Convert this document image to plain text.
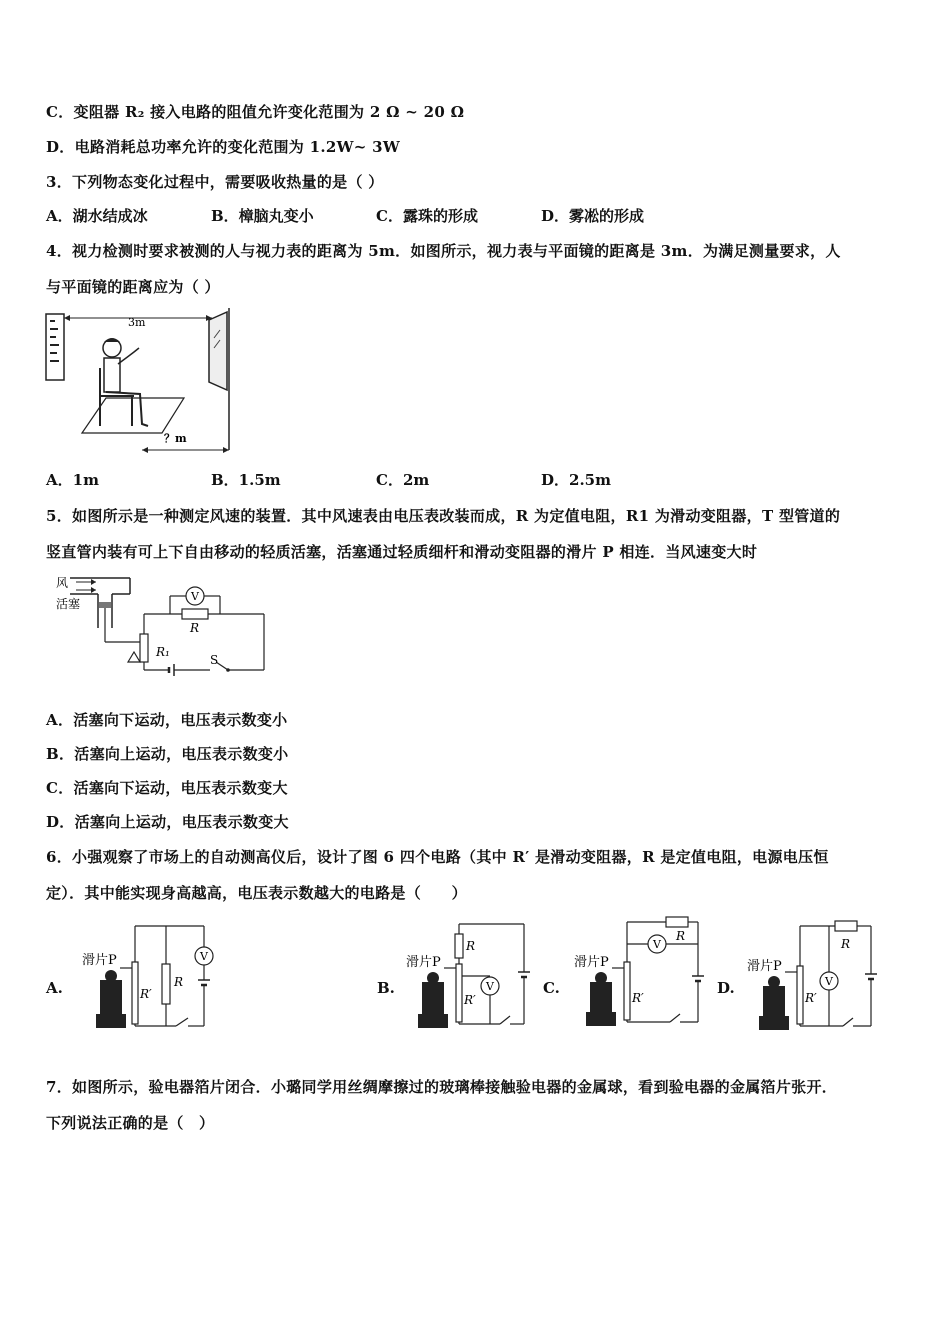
C．变阻器 R₂ 接入电路的阻值允许变化范围为 2 Ω ~ 20 Ω
D．电路消耗总功率允许的变化范围为 1.2W~ 3W
3．下列物态变化过程中，需要吸收热量的是（ ）
A．湖水结成冰	B．樟脑丸变小	C．露珠的形成	D．雾凇的形成
4．视力检测时要求被测的人与视力表的距离为 5m．如图所示，视力表与平面镜的距离是 3m．为满足测量要求，人
与平面镜的距离应为（ ）
3m
？m
A．1m	B．1.5m	C．2m	D．2.5m
5．如图所示是一种测定风速的装置．其中风速表由电压表改装而成，R 为定值电阻，R1 为滑动变阻器，T 型管道的
竖直管内装有可上下自由移动的轻质活塞，活塞通过轻质细杆和滑动变阻器的滑片 P 相连．当风速变大时
风
活塞
R₁
R
V
S
A．活塞向下运动，电压表示数变小
B．活塞向上运动，电压表示数变小
C．活塞向下运动，电压表示数变大
D．活塞向上运动，电压表示数变大
6．小强观察了市场上的自动测高仪后，设计了图 6 四个电路（其中 R′ 是滑动变阻器，R 是定值电阻，电源电压恒
定）．其中能实现身高越高，电压表示数越大的电路是（　　）
A.
滑片P
R′
R
V
B.
滑片P
R′
R
V	C.
滑片P
R′
V
R
D.
滑片P
R′
R
V
7．如图所示，验电器箔片闭合．小璐同学用丝绸摩擦过的玻璃棒接触验电器的金属球，看到验电器的金属箔片张开．
下列说法正确的是（　）
